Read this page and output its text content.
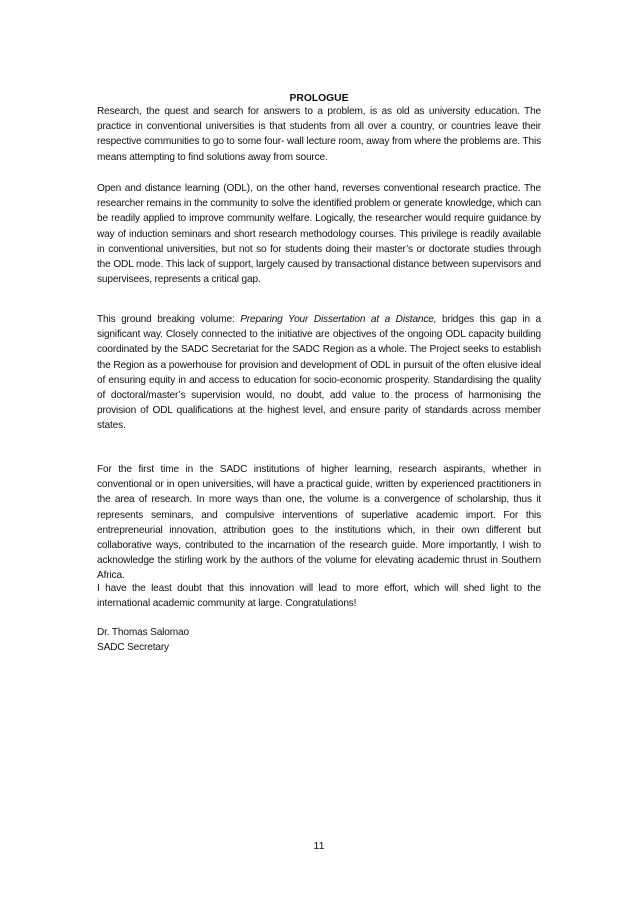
PROLOGUE

Research, the quest and search for answers to a problem, is as old as university education. The practice in conventional universities is that students from all over a country, or countries leave their respective communities to go to some four- wall lecture room, away from where the problems are. This means attempting to find solutions away from source.

Open and distance learning (ODL), on the other hand, reverses conventional research practice. The researcher remains in the community to solve the identified problem or generate knowledge, which can be readily applied to improve community welfare. Logically, the researcher would require guidance by way of induction seminars and short research methodology courses. This privilege is readily available in conventional universities, but not so for students doing their master’s or doctorate studies through the ODL mode. This lack of support, largely caused by transactional distance between supervisors and supervisees, represents a critical gap.

This ground breaking volume: Preparing Your Dissertation at a Distance, bridges this gap in a significant way. Closely connected to the initiative are objectives of the ongoing ODL capacity building coordinated by the SADC Secretariat for the SADC Region as a whole. The Project seeks to establish the Region as a powerhouse for provision and development of ODL in pursuit of the often elusive ideal of ensuring equity in and access to education for socio-economic prosperity. Standardising the quality of doctoral/master’s supervision would, no doubt, add value to the process of harmonising the provision of ODL qualifications at the highest level, and ensure parity of standards across member states.

For the first time in the SADC institutions of higher learning, research aspirants, whether in conventional or in open universities, will have a practical guide, written by experienced practitioners in the area of research. In more ways than one, the volume is a convergence of scholarship, thus it represents seminars, and compulsive interventions of superlative academic import. For this entrepreneurial innovation, attribution goes to the institutions which, in their own different but collaborative ways, contributed to the incarnation of the research guide. More importantly, I wish to acknowledge the stirling work by the authors of the volume for elevating academic thrust in Southern Africa.

I have the least doubt that this innovation will lead to more effort, which will shed light to the international academic community at large. Congratulations!

Dr. Thomas Salomao
SADC Secretary
11
